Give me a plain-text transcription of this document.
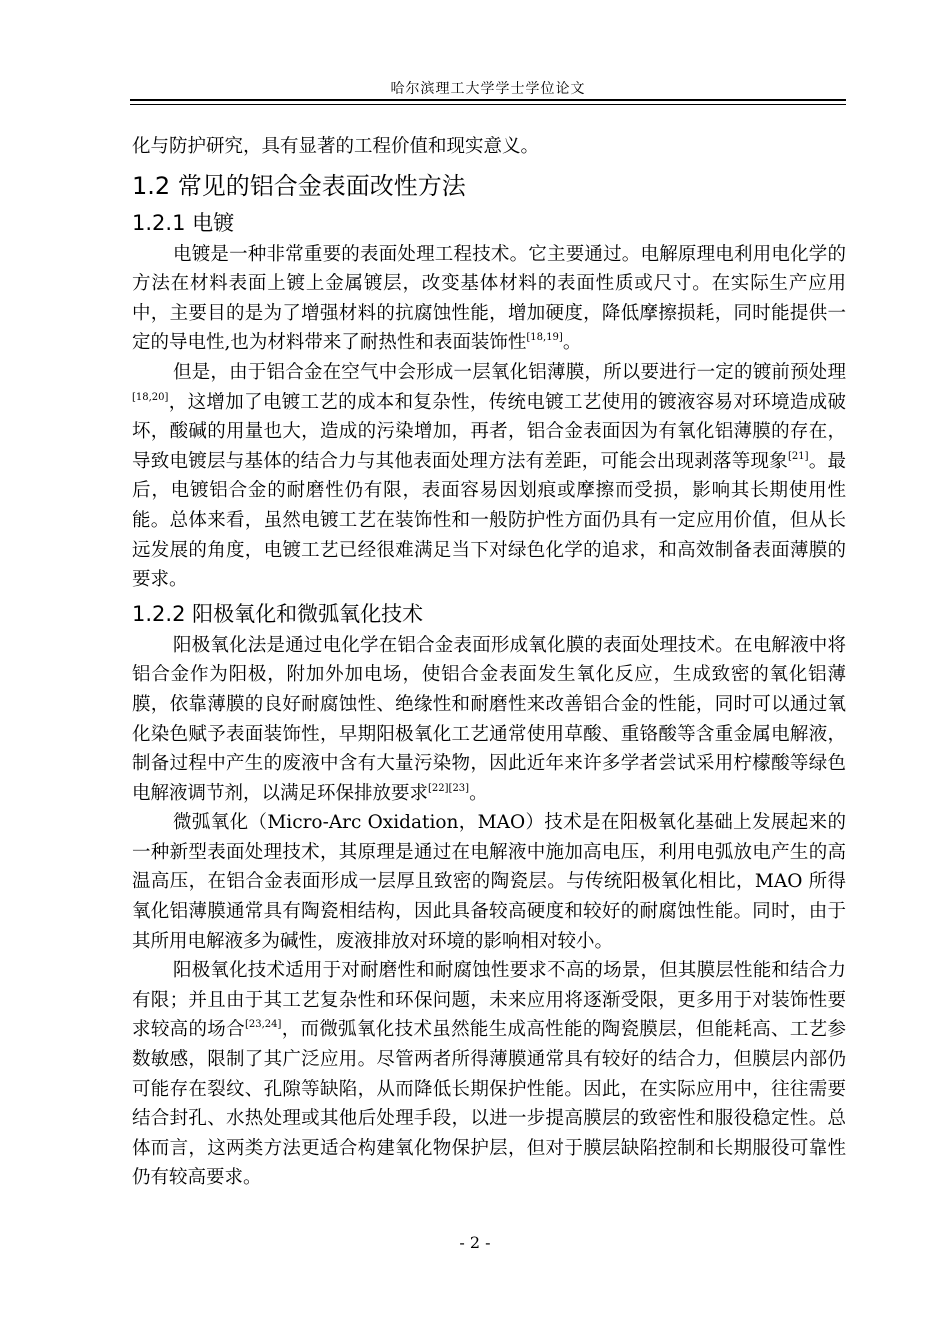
哈尔滨理工大学学士学位论文

化与防护研究，具有显著的工程价值和现实意义。

1.2 常见的铝合金表面改性方法
1.2.1 电镀

电镀是一种非常重要的表面处理工程技术。它主要通过。电解原理电利用电化学的方法在材料表面上镀上金属镀层，改变基体材料的表面性质或尺寸。在实际生产应用中，主要目的是为了增强材料的抗腐蚀性能，增加硬度，降低摩擦损耗，同时能提供一定的导电性,也为材料带来了耐热性和表面装饰性[18,19]。

但是，由于铝合金在空气中会形成一层氧化铝薄膜，所以要进行一定的镀前预处理[18,20]，这增加了电镀工艺的成本和复杂性，传统电镀工艺使用的镀液容易对环境造成破坏，酸碱的用量也大，造成的污染增加，再者，铝合金表面因为有氧化铝薄膜的存在，导致电镀层与基体的结合力与其他表面处理方法有差距，可能会出现剥落等现象[21]。最后，电镀铝合金的耐磨性仍有限，表面容易因划痕或摩擦而受损，影响其长期使用性能。总体来看，虽然电镀工艺在装饰性和一般防护性方面仍具有一定应用价值，但从长远发展的角度，电镀工艺已经很难满足当下对绿色化学的追求，和高效制备表面薄膜的要求。

1.2.2 阳极氧化和微弧氧化技术

阳极氧化法是通过电化学在铝合金表面形成氧化膜的表面处理技术。在电解液中将铝合金作为阳极，附加外加电场，使铝合金表面发生氧化反应，生成致密的氧化铝薄膜，依靠薄膜的良好耐腐蚀性、绝缘性和耐磨性来改善铝合金的性能，同时可以通过氧化染色赋予表面装饰性，早期阳极氧化工艺通常使用草酸、重铬酸等含重金属电解液，制备过程中产生的废液中含有大量污染物，因此近年来许多学者尝试采用柠檬酸等绿色电解液调节剂，以满足环保排放要求[22][23]。

微弧氧化（Micro-Arc Oxidation，MAO）技术是在阳极氧化基础上发展起来的一种新型表面处理技术，其原理是通过在电解液中施加高电压，利用电弧放电产生的高温高压，在铝合金表面形成一层厚且致密的陶瓷层。与传统阳极氧化相比，MAO 所得氧化铝薄膜通常具有陶瓷相结构，因此具备较高硬度和较好的耐腐蚀性能。同时，由于其所用电解液多为碱性，废液排放对环境的影响相对较小。

阳极氧化技术适用于对耐磨性和耐腐蚀性要求不高的场景，但其膜层性能和结合力有限；并且由于其工艺复杂性和环保问题，未来应用将逐渐受限，更多用于对装饰性要求较高的场合[23,24]，而微弧氧化技术虽然能生成高性能的陶瓷膜层，但能耗高、工艺参数敏感，限制了其广泛应用。尽管两者所得薄膜通常具有较好的结合力，但膜层内部仍可能存在裂纹、孔隙等缺陷，从而降低长期保护性能。因此，在实际应用中，往往需要结合封孔、水热处理或其他后处理手段，以进一步提高膜层的致密性和服役稳定性。总体而言，这两类方法更适合构建氧化物保护层，但对于膜层缺陷控制和长期服役可靠性仍有较高要求。

- 2 -
